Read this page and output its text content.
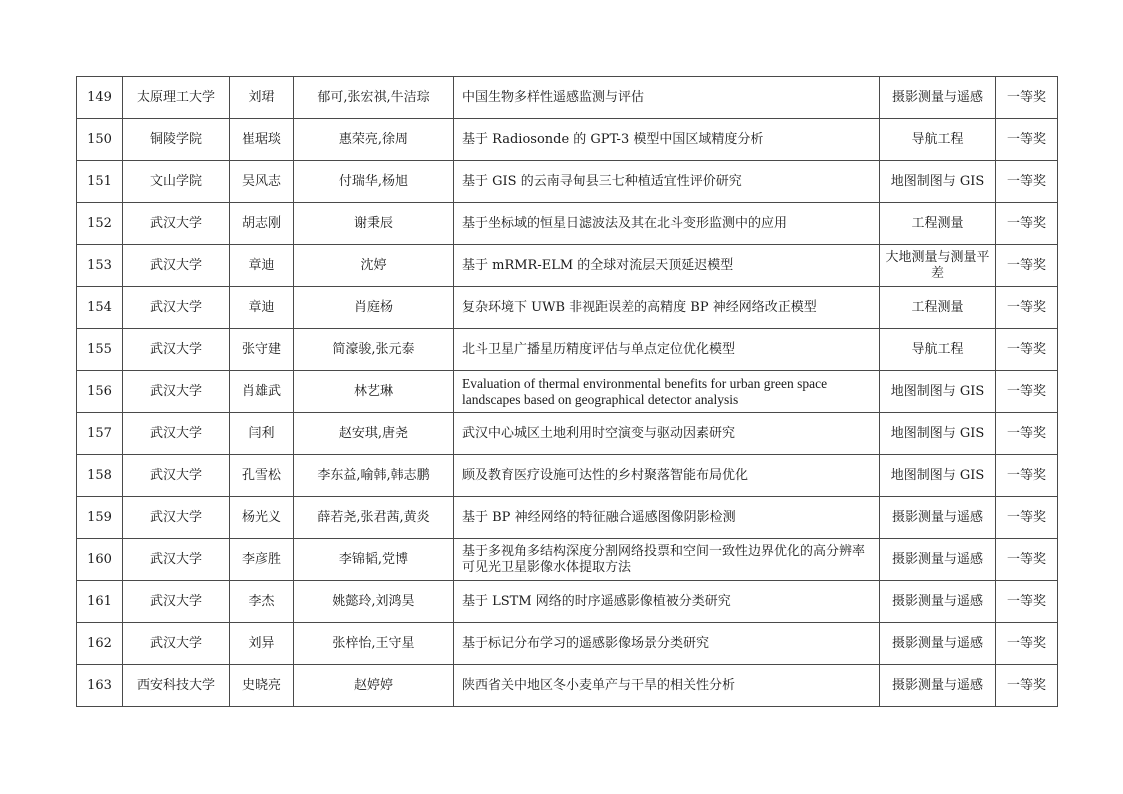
149	太原理工大学	刘珺	郁可,张宏祺,牛洁琮	中国生物多样性遥感监测与评估	摄影测量与遥感	一等奖
150	铜陵学院	崔琚琰	惠荣亮,徐周	基于 Radiosonde 的 GPT-3 模型中国区域精度分析	导航工程	一等奖
151	文山学院	吴风志	付瑞华,杨旭	基于 GIS 的云南寻甸县三七种植适宜性评价研究	地图制图与 GIS	一等奖
152	武汉大学	胡志刚	谢秉辰	基于坐标域的恒星日滤波法及其在北斗变形监测中的应用	工程测量	一等奖
153	武汉大学	章迪	沈婷	基于 mRMR-ELM 的全球对流层天顶延迟模型	大地测量与测量平差	一等奖
154	武汉大学	章迪	肖庭杨	复杂环境下 UWB 非视距误差的高精度 BP 神经网络改正模型	工程测量	一等奖
155	武汉大学	张守建	简濠骏,张元泰	北斗卫星广播星历精度评估与单点定位优化模型	导航工程	一等奖
156	武汉大学	肖雄武	林艺琳	Evaluation of thermal environmental benefits for urban green space landscapes based on geographical detector analysis	地图制图与 GIS	一等奖
157	武汉大学	闫利	赵安琪,唐尧	武汉中心城区土地利用时空演变与驱动因素研究	地图制图与 GIS	一等奖
158	武汉大学	孔雪松	李东益,喻韩,韩志鹏	顾及教育医疗设施可达性的乡村聚落智能布局优化	地图制图与 GIS	一等奖
159	武汉大学	杨光义	薛若尧,张君茜,黄炎	基于 BP 神经网络的特征融合遥感图像阴影检测	摄影测量与遥感	一等奖
160	武汉大学	李彦胜	李锦韬,党博	基于多视角多结构深度分割网络投票和空间一致性边界优化的高分辨率可见光卫星影像水体提取方法	摄影测量与遥感	一等奖
161	武汉大学	李杰	姚懿玲,刘鸿昊	基于 LSTM 网络的时序遥感影像植被分类研究	摄影测量与遥感	一等奖
162	武汉大学	刘异	张梓怡,王守星	基于标记分布学习的遥感影像场景分类研究	摄影测量与遥感	一等奖
163	西安科技大学	史晓亮	赵婷婷	陕西省关中地区冬小麦单产与干旱的相关性分析	摄影测量与遥感	一等奖
